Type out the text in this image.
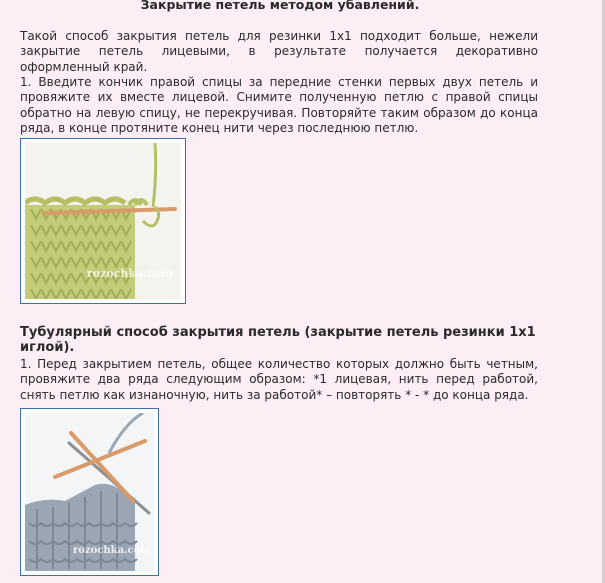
Закрытие петель методом убавлений.

Такой способ закрытия петель для резинки 1x1 подходит больше, нежели закрытие петель лицевыми, в результате получается декоративно оформленный край.

1. Введите кончик правой спицы за передние стенки первых двух петель и провяжите их вместе лицевой. Снимите полученную петлю с правой спицы обратно на левую спицу, не перекручивая. Повторяйте таким образом до конца ряда, в конце протяните конец нити через последнюю петлю.

rozochka.com
Тубулярный способ закрытия петель (закрытие петель резинки 1x1 иглой).

1. Перед закрытием петель, общее количество которых должно быть четным, провяжите два ряда следующим образом: *1 лицевая, нить перед работой, снять петлю как изнаночную, нить за работой* – повторять * - * до конца ряда.

rozochka.com
